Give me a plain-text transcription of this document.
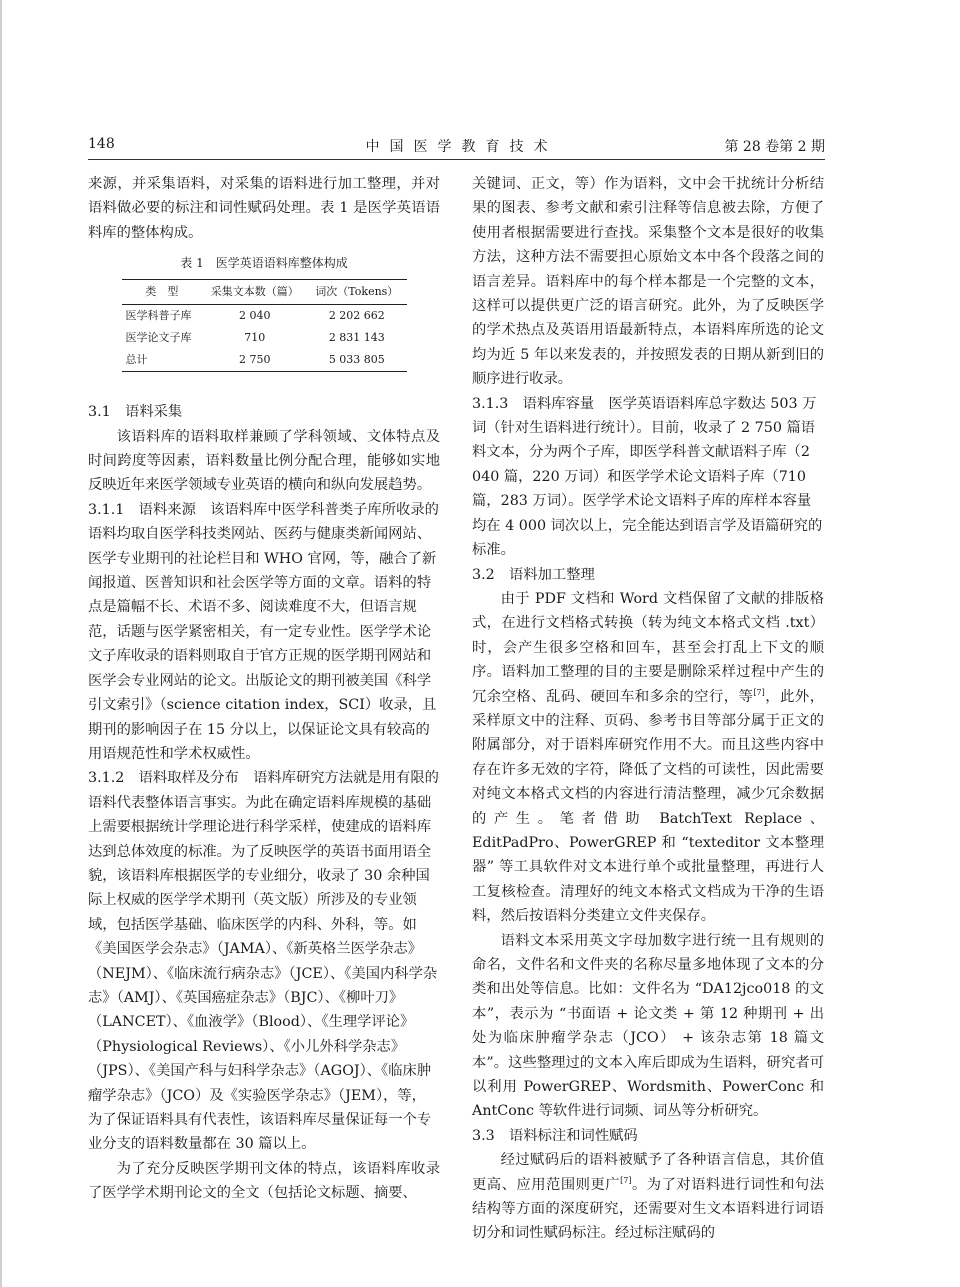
148	中国医学教育技术	第 28 卷第 2 期

来源，并采集语料，对采集的语料进行加工整理，并对语料做必要的标注和词性赋码处理。表 1 是医学英语语料库的整体构成。

表 1　医学英语语料库整体构成
类　型	采集文本数（篇）	词次（Tokens）
医学科普子库	2 040	2 202 662
医学论文子库	710	2 831 143
总计	2 750	5 033 805
3.1　语料采集

该语料库的语料取样兼顾了学科领域、文体特点及时间跨度等因素，语料数量比例分配合理，能够如实地反映近年来医学领域专业英语的横向和纵向发展趋势。

3.1.1　语料来源　 该语料库中医学科普类子库所收录的语料均取自医学科技类网站、医药与健康类新闻网站、医学专业期刊的社论栏目和 WHO 官网，等，融合了新闻报道、医普知识和社会医学等方面的文章。语料的特点是篇幅不长、术语不多、阅读难度不大，但语言规范，话题与医学紧密相关，有一定专业性。医学学术论文子库收录的语料则取自于官方正规的医学期刊网站和医学会专业网站的论文。出版论文的期刊被美国《科学引文索引》（science citation index，SCI）收录，且期刊的影响因子在 15 分以上，以保证论文具有较高的用语规范性和学术权威性。

3.1.2　语料取样及分布　 语料库研究方法就是用有限的语料代表整体语言事实。为此在确定语料库规模的基础上需要根据统计学理论进行科学采样，使建成的语料库达到总体效度的标准。为了反映医学的英语书面用语全貌，该语料库根据医学的专业细分，收录了 30 余种国际上权威的医学学术期刊（英文版）所涉及的专业领域，包括医学基础、临床医学的内科、外科，等。如《美国医学会杂志》（JAMA）、《新英格兰医学杂志》（NEJM）、《临床流行病杂志》（JCE）、《美国内科学杂志》（AMJ）、《英国癌症杂志》（BJC）、《柳叶刀》（LANCET）、《血液学》（Blood）、《生理学评论》（Physiological Reviews）、《小儿外科学杂志》（JPS）、《美国产科与妇科学杂志》（AGOJ）、《临床肿瘤学杂志》（JCO）及《实验医学杂志》（JEM），等，为了保证语料具有代表性，该语料库尽量保证每一个专业分支的语料数量都在 30 篇以上。

为了充分反映医学期刊文体的特点，该语料库收录了医学学术期刊论文的全文（包括论文标题、摘要、

关键词、正文，等）作为语料，文中会干扰统计分析结果的图表、参考文献和索引注释等信息被去除，方便了使用者根据需要进行查找。采集整个文本是很好的收集方法，这种方法不需要担心原始文本中各个段落之间的语言差异。语料库中的每个样本都是一个完整的文本，这样可以提供更广泛的语言研究。此外，为了反映医学的学术热点及英语用语最新特点，本语料库所选的论文均为近 5 年以来发表的，并按照发表的日期从新到旧的顺序进行收录。

3.1.3　语料库容量　 医学英语语料库总字数达 503 万词（针对生语料进行统计）。目前，收录了 2 750 篇语料文本，分为两个子库，即医学科普文献语料子库（2 040 篇，220 万词）和医学学术论文语料子库（710 篇，283 万词）。医学学术论文语料子库的库样本容量均在 4 000 词次以上，完全能达到语言学及语篇研究的标准。

3.2　语料加工整理

由于 PDF 文档和 Word 文档保留了文献的排版格式，在进行文档格式转换（转为纯文本格式文档 .txt）时，会产生很多空格和回车，甚至会打乱上下文的顺序。语料加工整理的目的主要是删除采样过程中产生的冗余空格、乱码、硬回车和多余的空行，等[7]，此外，采样原文中的注释、页码、参考书目等部分属于正文的附属部分，对于语料库研究作用不大。而且这些内容中存在许多无效的字符，降低了文档的可读性，因此需要对纯文本格式文档的内容进行清洁整理，减少冗余数据的产生。笔者借助 BatchText Replace、EditPadPro、PowerGREP 和 “texteditor 文本整理器” 等工具软件对文本进行单个或批量整理，再进行人工复核检查。清理好的纯文本格式文档成为干净的生语料，然后按语料分类建立文件夹保存。

语料文本采用英文字母加数字进行统一且有规则的命名，文件名和文件夹的名称尽量多地体现了文本的分类和出处等信息。比如：文件名为 “DA12jco018 的文本”，表示为 “书面语 + 论文类 + 第 12 种期刊 + 出处为临床肿瘤学杂志（JCO） + 该杂志第 18 篇文本”。这些整理过的文本入库后即成为生语料，研究者可以利用 PowerGREP、Wordsmith、PowerConc 和 AntConc 等软件进行词频、词丛等分析研究。

3.3　语料标注和词性赋码

经过赋码后的语料被赋予了各种语言信息，其价值更高、应用范围则更广[7]。为了对语料进行词性和句法结构等方面的深度研究，还需要对生文本语料进行词语切分和词性赋码标注。经过标注赋码的
